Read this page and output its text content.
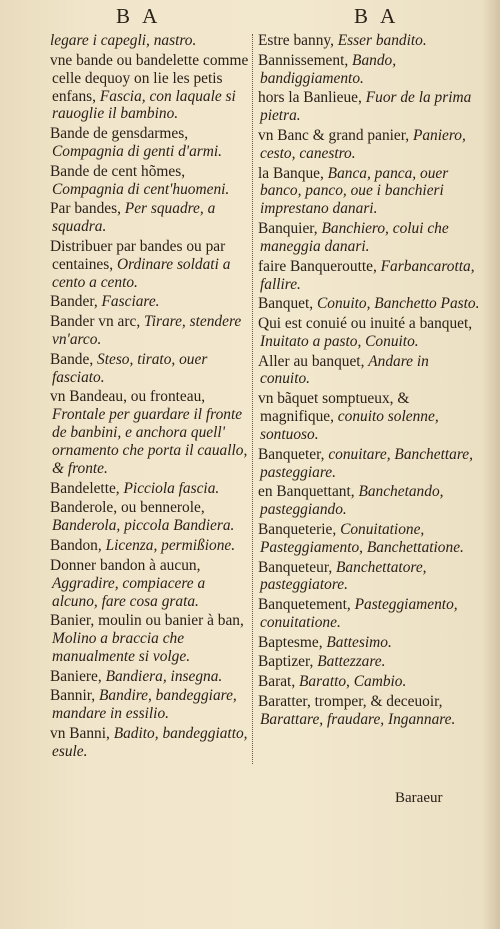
B A	B A
legare i capegli, nastro.
vne bande ou bandelette comme celle dequoy on lie les petis enfans, Fascia, con laquale si rauoglie il bambino.
Bande de gensdarmes, Compagnia di genti d'armi.
Bande de cent hõmes, Compagnia di cent'huomeni.
Par bandes, Per squadre, a squadra.
Distribuer par bandes ou par centaines, Ordinare soldati a cento a cento.
Bander, Fasciare.
Bander vn arc, Tirare, stendere vn'arco.
Bande, Steso, tirato, ouer fasciato.
vn Bandeau, ou fronteau, Frontale per guardare il fronte de banbini, e anchora quell' ornamento che porta il cauallo, & fronte.
Bandelette, Picciola fascia.
Banderole, ou bennerole, Banderola, piccola Bandiera.
Bandon, Licenza, permißione.
Donner bandon à aucun, Aggradire, compiacere a alcuno, fare cosa grata.
Banier, moulin ou banier à ban, Molino a braccia che manualmente si volge.
Baniere, Bandiera, insegna.
Bannir, Bandire, bandeggiare, mandare in essilio.
vn Banni, Badito, bandeggiatto, esule.
Estre banny, Esser bandito.
Bannissement, Bando, bandiggiamento.
hors la Banlieue, Fuor de la prima pietra.
vn Banc & grand panier, Paniero, cesto, canestro.
la Banque, Banca, panca, ouer banco, panco, oue i banchieri imprestano danari.
Banquier, Banchiero, colui che maneggia danari.
faire Banqueroutte, Farbancarotta, fallire.
Banquet, Conuito, Banchetto Pasto.
Qui est conuié ou inuité a banquet, Inuitato a pasto, Conuito.
Aller au banquet, Andare in conuito.
vn bãquet somptueux, & magnifique, conuito solenne, sontuoso.
Banqueter, conuitare, Banchettare, pasteggiare.
en Banquettant, Banchetando, pasteggiando.
Banqueterie, Conuitatione, Pasteggiamento, Banchettatione.
Banqueteur, Banchettatore, pasteggiatore.
Banquetement, Pasteggiamento, conuitatione.
Baptesme, Battesimo.
Baptizer, Battezzare.
Barat, Baratto, Cambio.
Baratter, tromper, & deceuoir, Barattare, fraudare, Ingannare.
Baraeur
